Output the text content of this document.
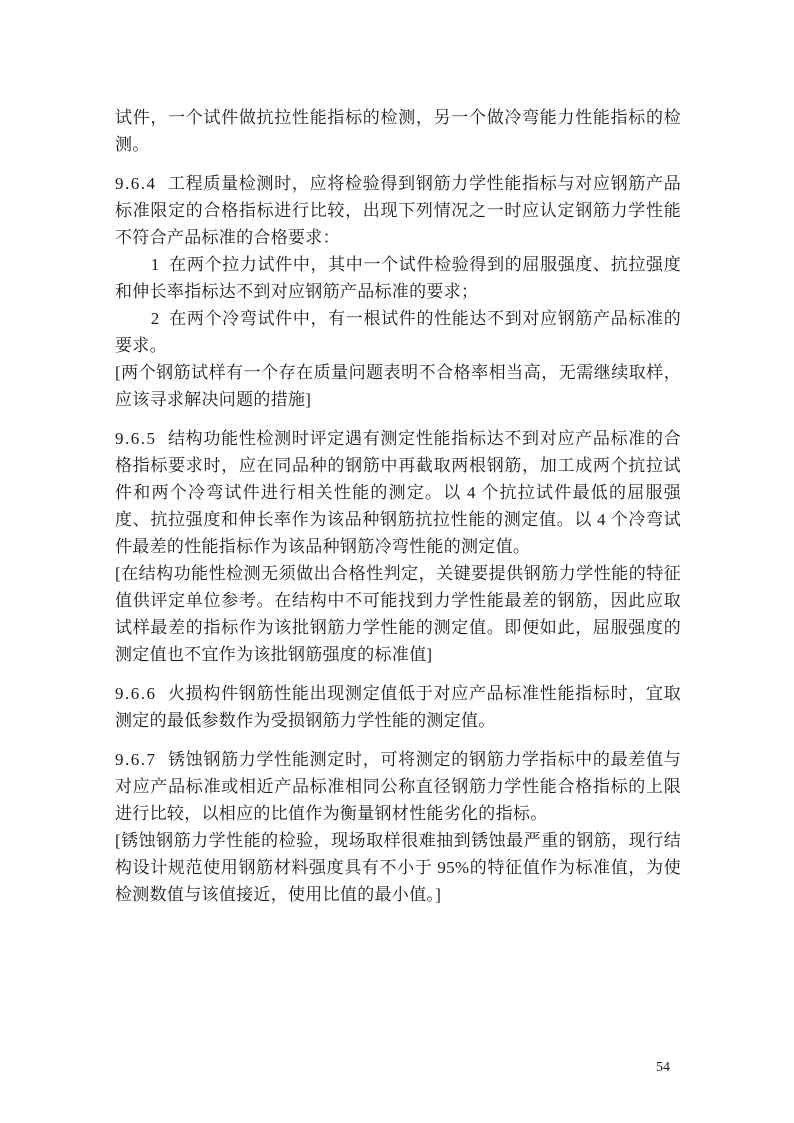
试件，一个试件做抗拉性能指标的检测，另一个做冷弯能力性能指标的检测。

9.6.4 工程质量检测时，应将检验得到钢筋力学性能指标与对应钢筋产品标准限定的合格指标进行比较，出现下列情况之一时应认定钢筋力学性能不符合产品标准的合格要求：

1 在两个拉力试件中，其中一个试件检验得到的屈服强度、抗拉强度和伸长率指标达不到对应钢筋产品标准的要求；

2 在两个冷弯试件中，有一根试件的性能达不到对应钢筋产品标准的要求。

[两个钢筋试样有一个存在质量问题表明不合格率相当高，无需继续取样，应该寻求解决问题的措施]

9.6.5 结构功能性检测时评定遇有测定性能指标达不到对应产品标准的合格指标要求时，应在同品种的钢筋中再截取两根钢筋，加工成两个抗拉试件和两个冷弯试件进行相关性能的测定。以 4 个抗拉试件最低的屈服强度、抗拉强度和伸长率作为该品种钢筋抗拉性能的测定值。以 4 个冷弯试件最差的性能指标作为该品种钢筋冷弯性能的测定值。

[在结构功能性检测无须做出合格性判定，关键要提供钢筋力学性能的特征值供评定单位参考。在结构中不可能找到力学性能最差的钢筋，因此应取试样最差的指标作为该批钢筋力学性能的测定值。即便如此，屈服强度的测定值也不宜作为该批钢筋强度的标准值]

9.6.6 火损构件钢筋性能出现测定值低于对应产品标准性能指标时，宜取测定的最低参数作为受损钢筋力学性能的测定值。

9.6.7 锈蚀钢筋力学性能测定时，可将测定的钢筋力学指标中的最差值与对应产品标准或相近产品标准相同公称直径钢筋力学性能合格指标的上限进行比较，以相应的比值作为衡量钢材性能劣化的指标。

[锈蚀钢筋力学性能的检验，现场取样很难抽到锈蚀最严重的钢筋，现行结构设计规范使用钢筋材料强度具有不小于 95%的特征值作为标准值，为使检测数值与该值接近，使用比值的最小值。]

54
